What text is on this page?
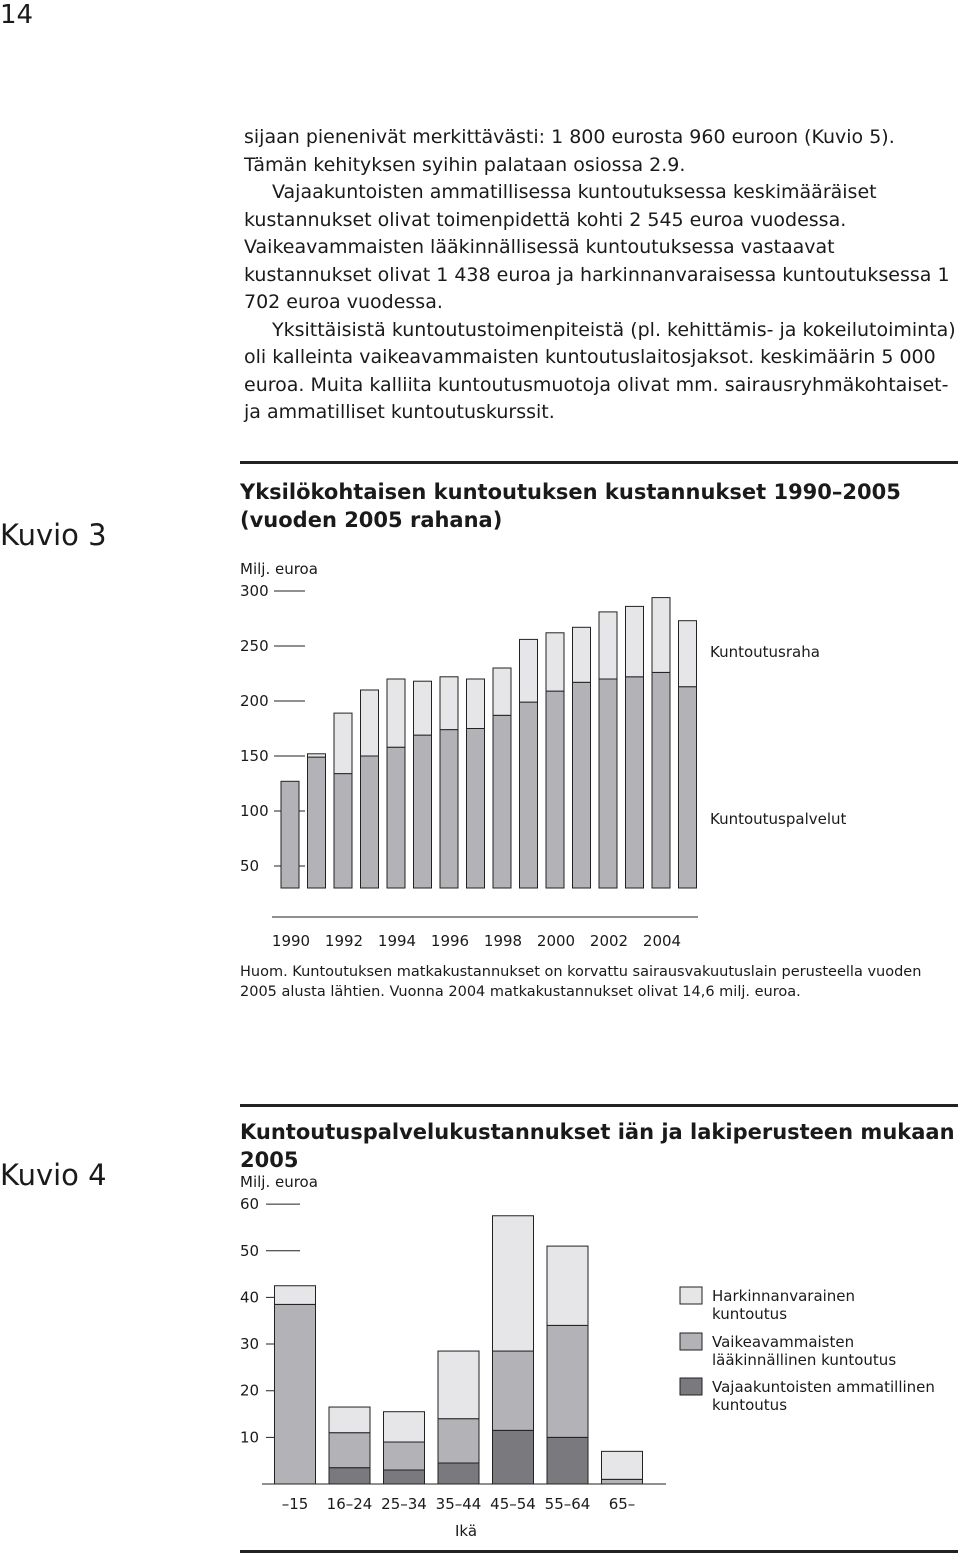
14

sijaan pienenivät merkittävästi: 1 800 eurosta 960 euroon (Kuvio 5). Tämän kehityksen syihin palataan osiossa 2.9.

Vajaakuntoisten ammatillisessa kuntoutuksessa keskimääräiset kustannukset olivat toimenpidettä kohti 2 545 euroa vuodessa. Vaikeavammaisten lääkinnällisessä kuntoutuksessa vastaavat kustannukset olivat 1 438 euroa ja harkinnanvaraisessa kuntoutuksessa 1 702 euroa vuodessa.

Yksittäisistä kuntoutustoimenpiteistä (pl. kehittämis- ja kokeilutoiminta) oli kalleinta vaikeavammaisten kuntoutuslaitosjaksot. keskimäärin 5 000 euroa. Muita kalliita kuntoutusmuotoja olivat mm. sairausryhmäkohtaiset- ja ammatilliset kuntoutuskurssit.

Kuvio 3
Yksilökohtaisen kuntoutuksen kustannukset 1990–2005
(vuoden 2005 rahana)
Milj. euroa
50
100
150
200
250
300
1990 1992 1994 1996 1998 2000 2002 2004
Kuntoutusraha
Kuntoutuspalvelut

Huom. Kuntoutuksen matkakustannukset on korvattu sairausvakuutuslain perusteella vuoden 2005 alusta lähtien. Vuonna 2004 matkakustannukset olivat 14,6 milj. euroa.

Kuvio 4
Kuntoutuspalvelukustannukset iän ja lakiperusteen mukaan 2005
Milj. euroa
10
20
30
40
50
60
–15 16–24 25–34 35–44 45–54 55–64 65–
Ikä
Harkinnanvarainen
kuntoutus
Vaikeavammaisten
lääkinnällinen kuntoutus
Vajaakuntoisten ammatillinen
kuntoutus
